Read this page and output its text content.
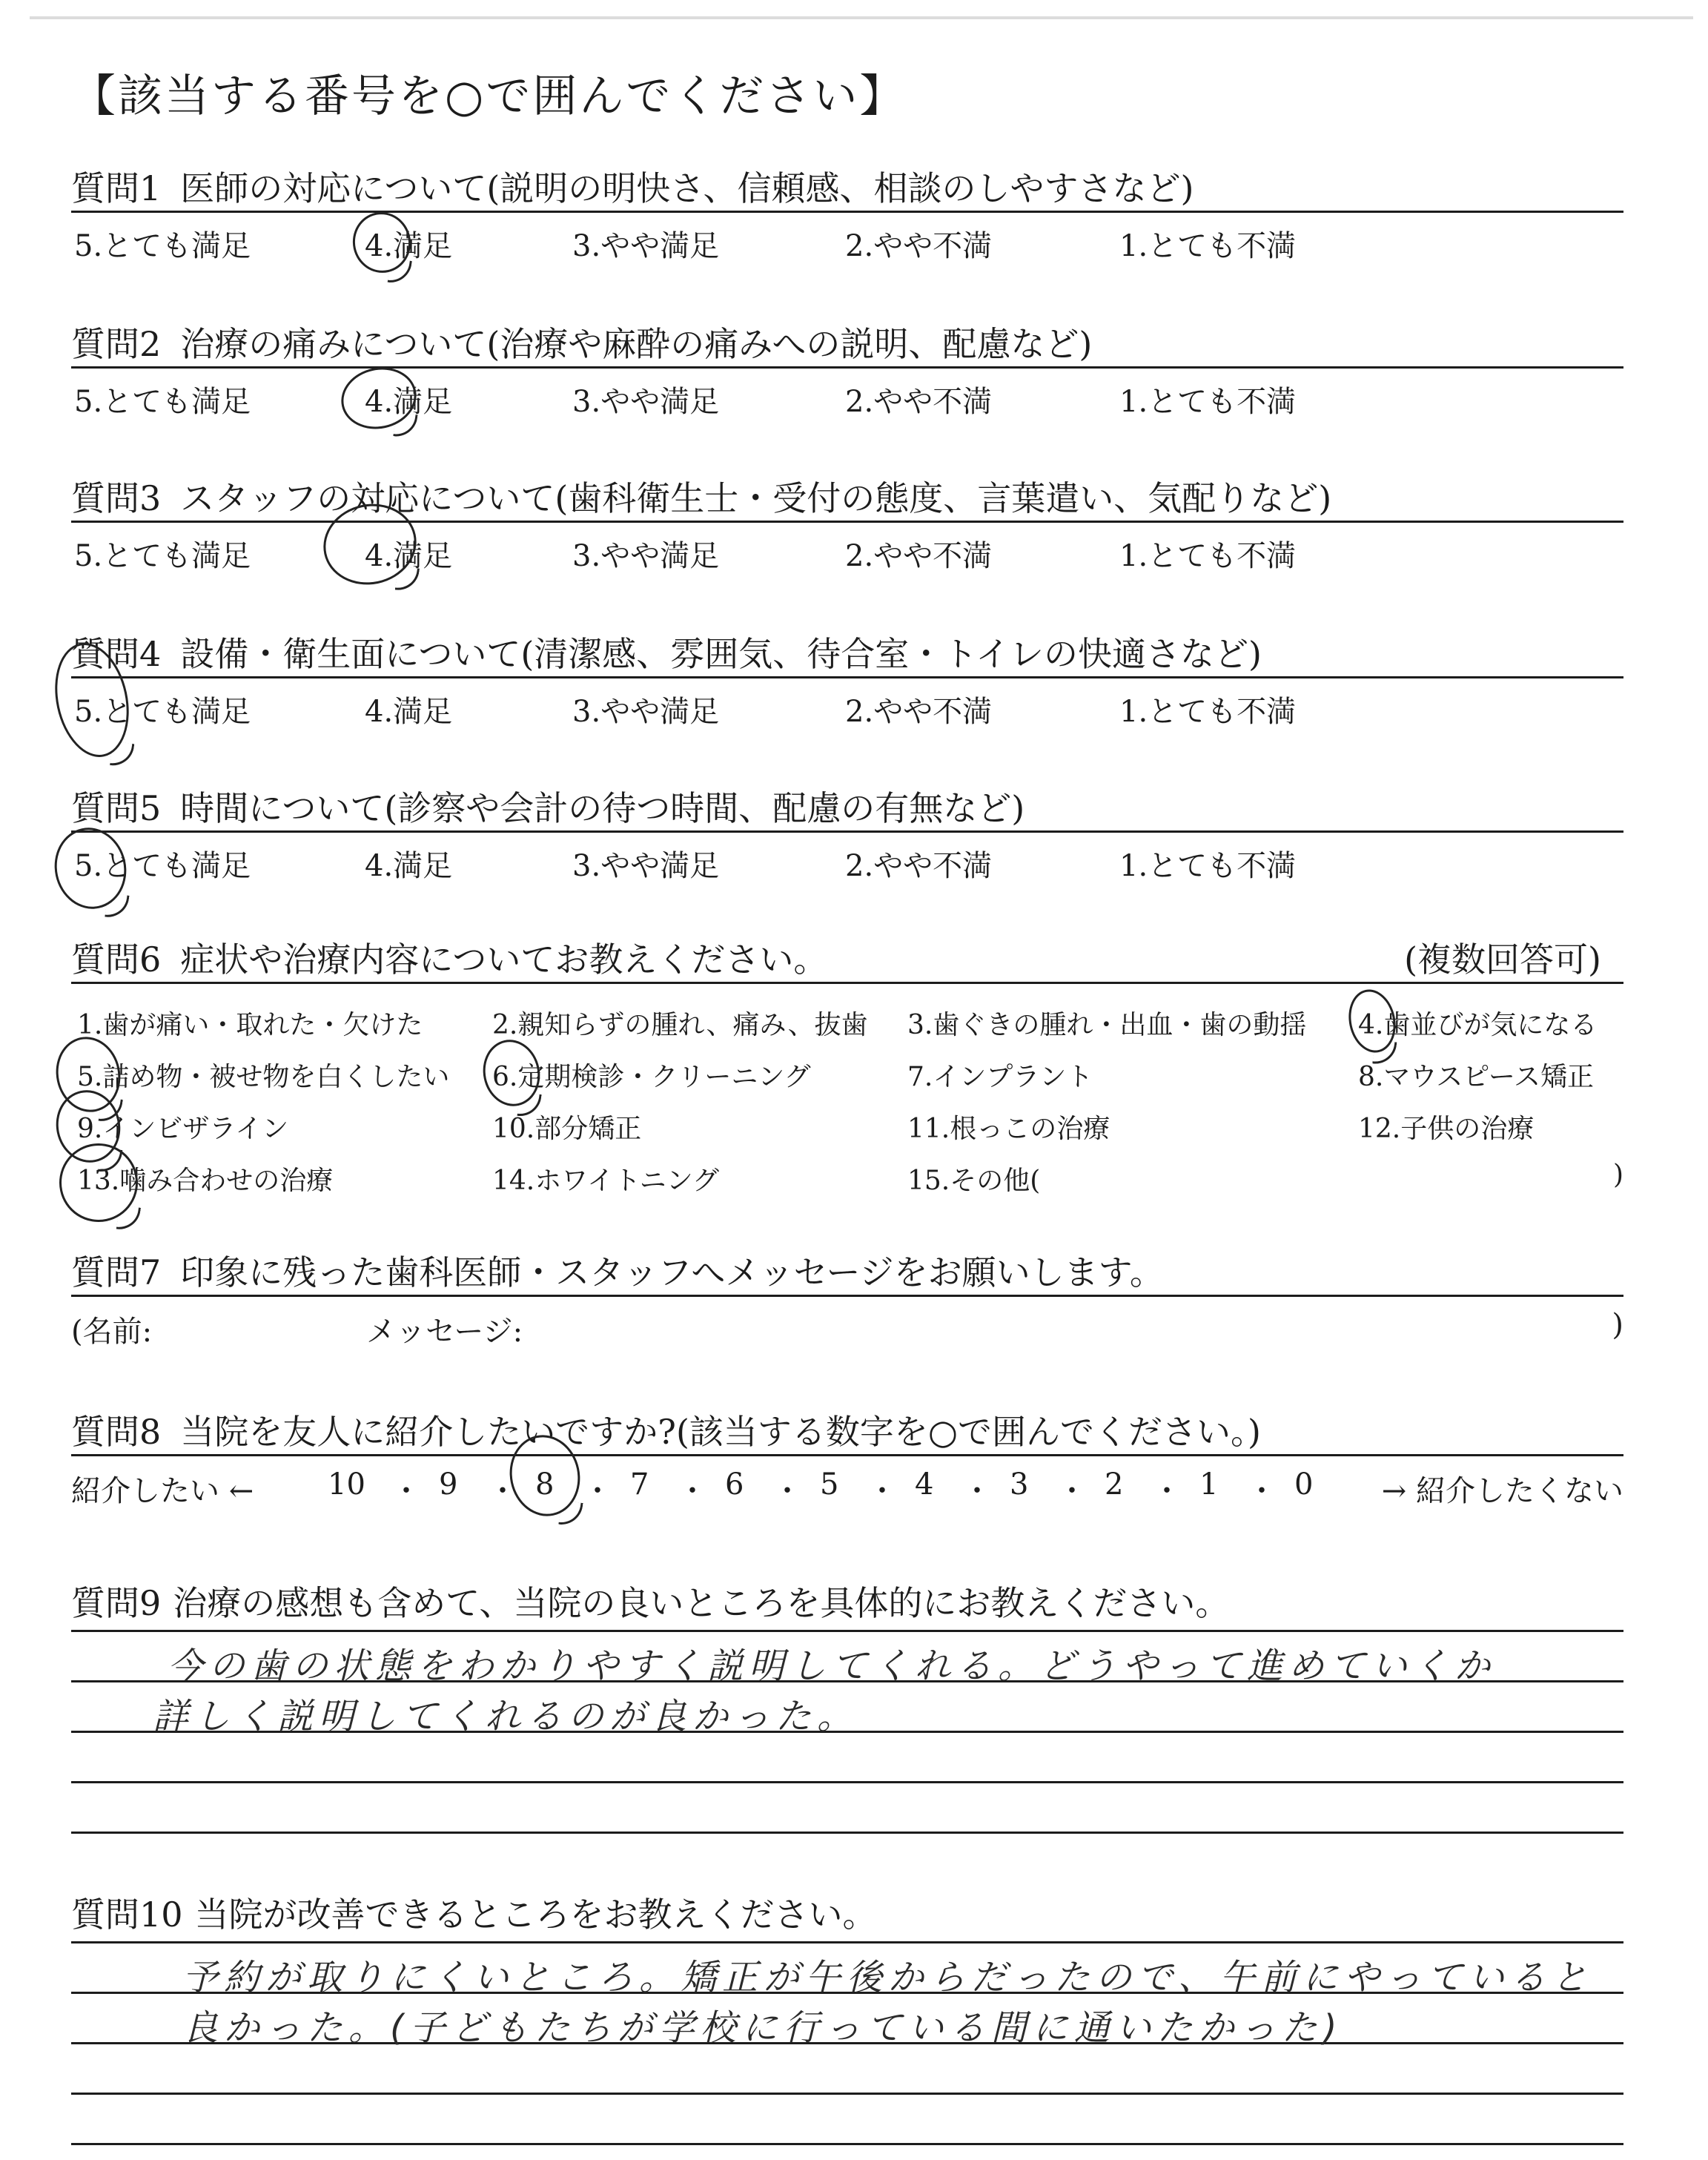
【該当する番号を○で囲んでください】
質問1 医師の対応について(説明の明快さ、信頼感、相談のしやすさなど)
5.とても満足	4.満足	3.やや満足	2.やや不満	1.とても不満
質問2 治療の痛みについて(治療や麻酔の痛みへの説明、配慮など)
5.とても満足	4.満足	3.やや満足	2.やや不満	1.とても不満
質問3 スタッフの対応について(歯科衛生士・受付の態度、言葉遣い、気配りなど)
5.とても満足	4.満足	3.やや満足	2.やや不満	1.とても不満
質問4 設備・衛生面について(清潔感、雰囲気、待合室・トイレの快適さなど)
5.とても満足	4.満足	3.やや満足	2.やや不満	1.とても不満
質問5 時間について(診察や会計の待つ時間、配慮の有無など)
5.とても満足	4.満足	3.やや満足	2.やや不満	1.とても不満
質問6 症状や治療内容についてお教えください。	(複数回答可)
1.歯が痛い・取れた・欠けた	2.親知らずの腫れ、痛み、抜歯 3.歯ぐきの腫れ・出血・歯の動揺 4.歯並びが気になる
5.詰め物・被せ物を白くしたい 6.定期検診・クリーニング	7.インプラント	8.マウスピース矯正
9.インビザライン	10.部分矯正	11.根っこの治療	12.子供の治療
13.噛み合わせの治療	14.ホワイトニング	15.その他(	)
質問7 印象に残った歯科医師・スタッフへメッセージをお願いします。
(名前:	メッセージ:	)
質問8 当院を友人に紹介したいですか?(該当する数字を○で囲んでください。)
紹介したい ← 10 ・ 9 ・ 8 ・ 7 ・ 6 ・ 5 ・ 4 ・ 3 ・ 2 ・ 1 ・ 0 → 紹介したくない
質問9 治療の感想も含めて、当院の良いところを具体的にお教えください。
今の歯の状態をわかりやすく説明してくれる。どうやって進めていくか
詳しく説明してくれるのが良かった。
質問10 当院が改善できるところをお教えください。
予約が取りにくいところ。矯正が午後からだったので、午前にやっていると
良かった。(子どもたちが学校に行っている間に通いたかった)
